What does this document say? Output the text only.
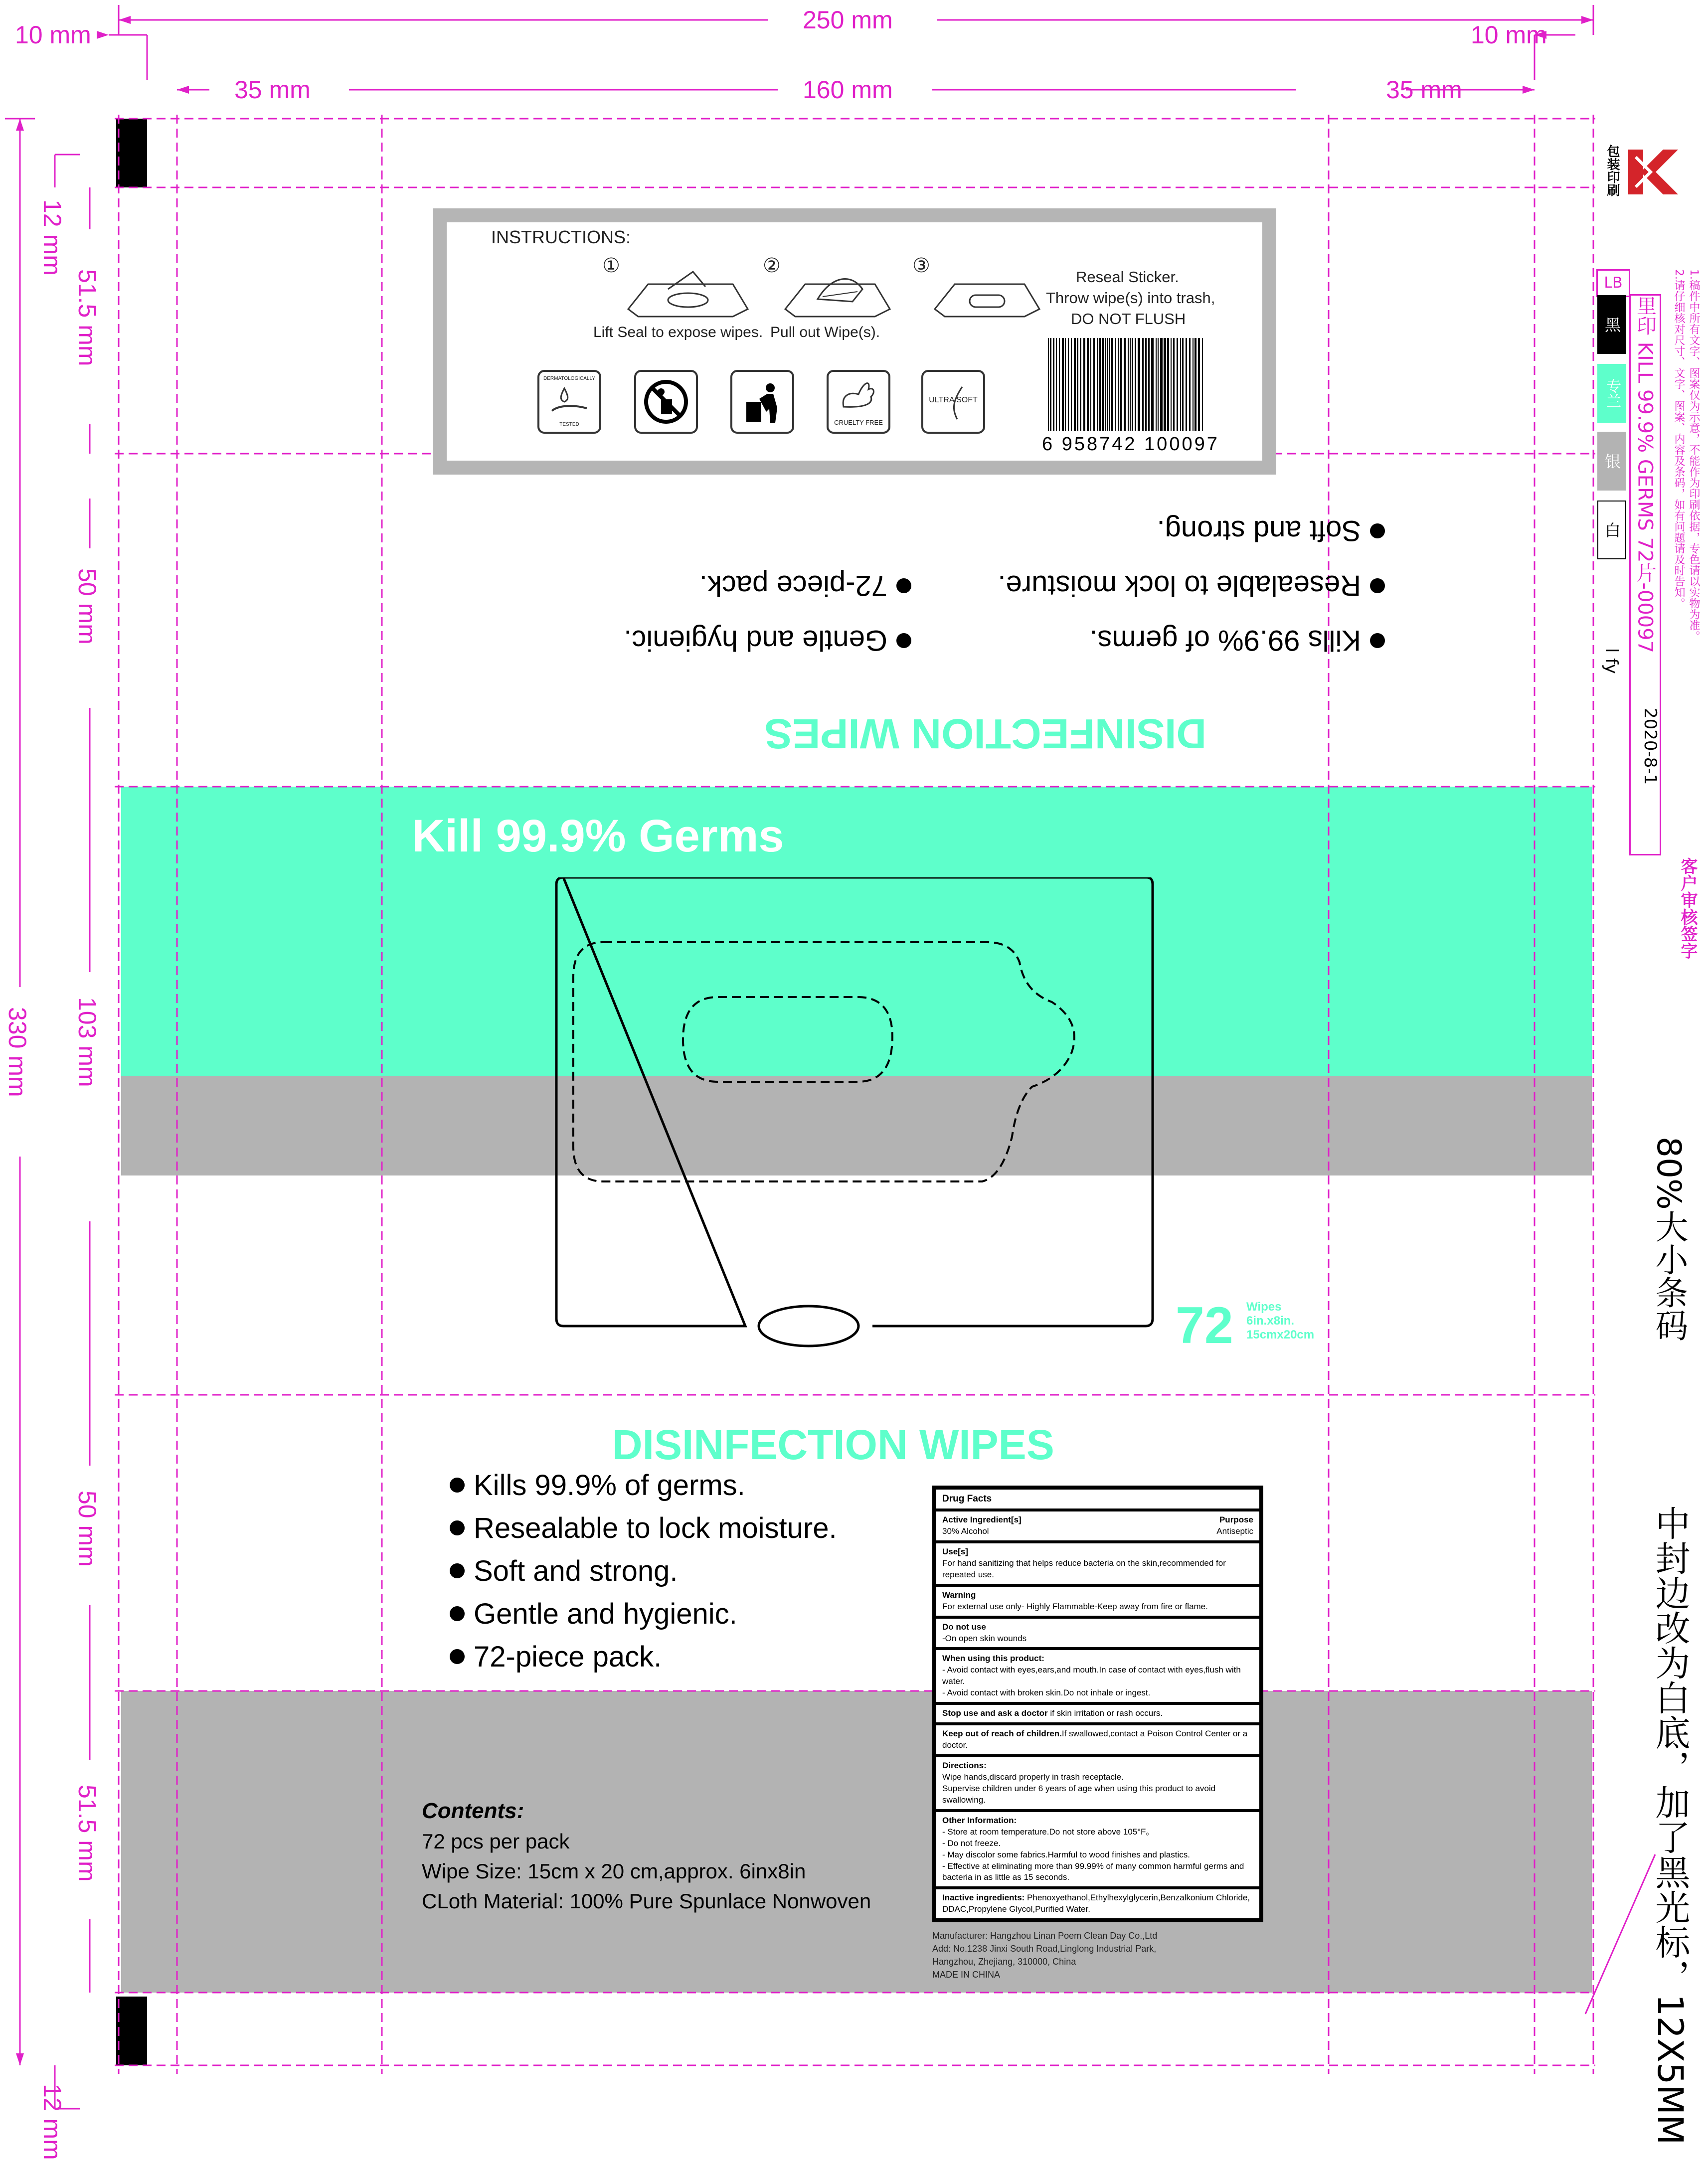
10 mm
250 mm
10 mm
35 mm	160 mm	35 mm
330 mm
12 mm
51.5 mm
50 mm
103 mm
50 mm
51.5 mm
12 mm
INSTRUCTIONS:
①	②	③
Lift Seal to expose wipes. Pull out Wipe(s).
Reseal Sticker.
Throw wipe(s) into trash,
DO NOT FLUSH
DERMATOLOGICALLY
TESTED	CRUELTY FREE
ULTRA SOFT
6 958742 100097
DISINFECTION WIPES
Kills 99.9% of germs.
Resealable to lock moisture.
Soft and strong.
Gentle and hygienic.
72-piece pack.
Kill 99.9% Germs
72 Wipes
6in.x8in.
15cmx20cm
DISINFECTION WIPES
Kills 99.9% of germs.
Resealable to lock moisture.
Soft and strong.
Gentle and hygienic.
72-piece pack.
Contents:
72 pcs per pack
Wipe Size: 15cm x 20 cm,approx. 6inx8in
CLoth Material: 100% Pure Spunlace Nonwoven
Drug Facts
Active Ingredient[s]	Purpose
30% Alcohol	Antiseptic
Use[s]
For hand sanitizing that helps reduce bacteria on the skin,recommended for repeated use.
Warning
For external use only- Highly Flammable-Keep away from fire or flame.
Do not use
-On open skin wounds
When using this product:
- Avoid contact with eyes,ears,and mouth.In case of contact with eyes,flush with water.
- Avoid contact with broken skin.Do not inhale or ingest.
Stop use and ask a doctor if skin irritation or rash occurs.
Keep out of reach of children.If swallowed,contact a Poison Control Center or a doctor.
Directions:
Wipe hands,discard properly in trash receptacle.
Supervise children under 6 years of age when using this product to avoid swallowing.
Other Information:
- Store at room temperature.Do not store above 105°F。
- Do not freeze.
- May discolor some fabrics.Harmful to wood finishes and plastics.
- Effective at eliminating more than 99.99% of many common harmful germs and bacteria in as little as 15 seconds.
Inactive ingredients: Phenoxyethanol,Ethylhexylglycerin,Benzalkonium Chloride, DDAC,Propylene Glycol,Purified Water.
Manufacturer: Hangzhou Linan Poem Clean Day Co.,Ltd
Add: No.1238 Jinxi South Road,Linglong Industrial Park,
Hangzhou, Zhejiang, 310000, China
MADE IN CHINA
包装印刷
1.稿件中所有文字、图案仅为示意，不能作为印刷依据，专色请以实物为准。
2.请仔细核对尺寸、文字、图案、内容及条码，如有问题请及时告知。
LB
黑
专兰
银
白 里印 KILL 99.9% GERMS 72片-00097
l fy
2020-8-1
客户审核签字
80%大小条码
中封边改为白底，加了黑光标，12X5MM
